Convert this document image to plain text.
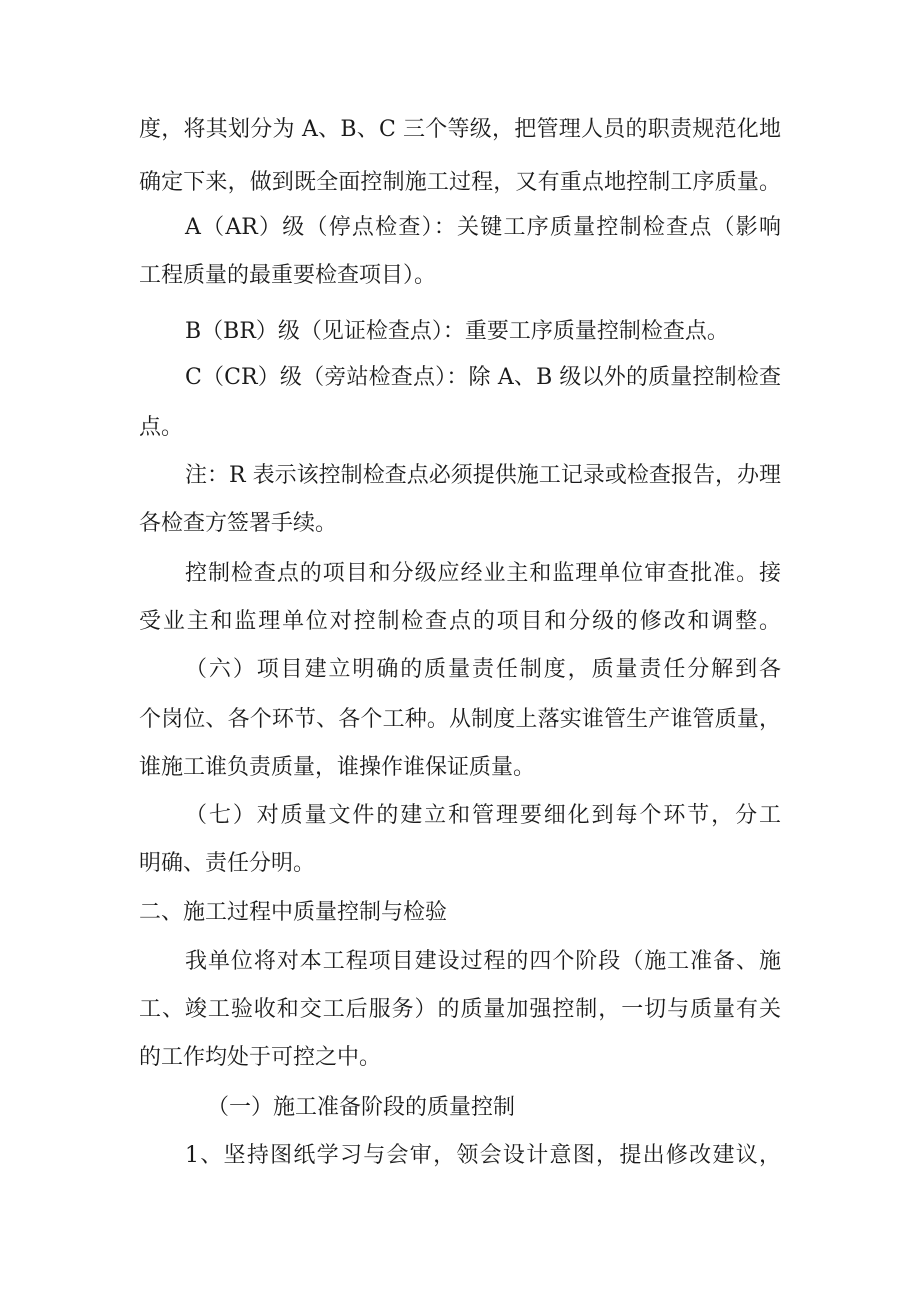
度，将其划分为 A、B、C 三个等级，把管理人员的职责规范化地
确定下来，做到既全面控制施工过程，又有重点地控制工序质量。
A（AR）级（停点检查）：关键工序质量控制检查点（影响
工程质量的最重要检查项目）。
B（BR）级（见证检查点）：重要工序质量控制检查点。
C（CR）级（旁站检查点）：除 A、B 级以外的质量控制检查
点。
注：R 表示该控制检查点必须提供施工记录或检查报告，办理
各检查方签署手续。
控制检查点的项目和分级应经业主和监理单位审查批准。接
受业主和监理单位对控制检查点的项目和分级的修改和调整。
（六）项目建立明确的质量责任制度，质量责任分解到各
个岗位、各个环节、各个工种。从制度上落实谁管生产谁管质量，
谁施工谁负责质量，谁操作谁保证质量。
（七）对质量文件的建立和管理要细化到每个环节，分工
明确、责任分明。
二、施工过程中质量控制与检验
我单位将对本工程项目建设过程的四个阶段（施工准备、施
工、竣工验收和交工后服务）的质量加强控制，一切与质量有关
的工作均处于可控之中。
（一）施工准备阶段的质量控制
1、坚持图纸学习与会审，领会设计意图，提出修改建议，
